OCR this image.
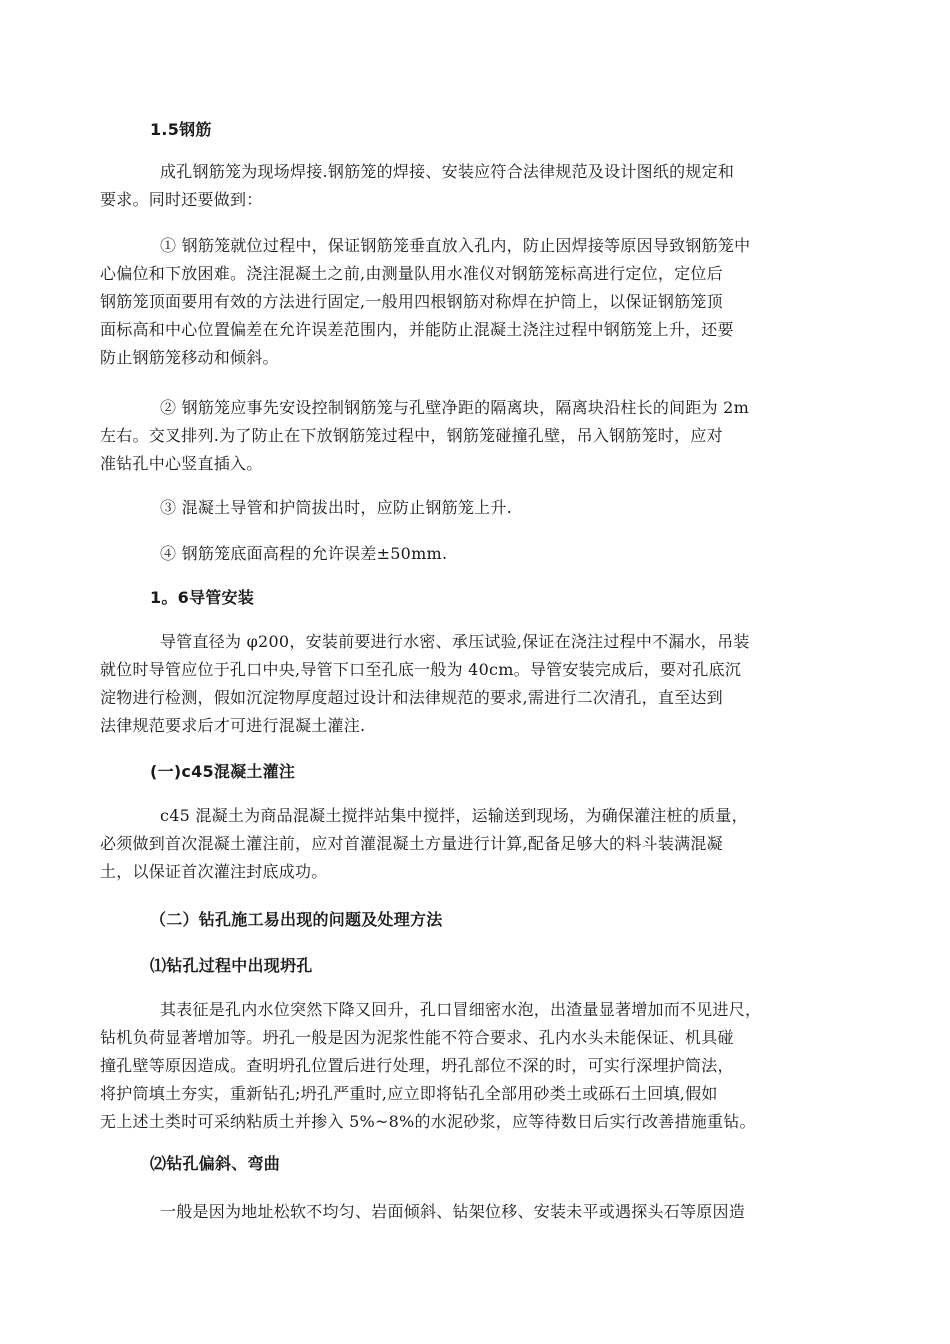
1.5钢筋
成孔钢筋笼为现场焊接.钢筋笼的焊接、安装应符合法律规范及设计图纸的规定和
要求。同时还要做到：
① 钢筋笼就位过程中，保证钢筋笼垂直放入孔内，防止因焊接等原因导致钢筋笼中
心偏位和下放困难。浇注混凝土之前,由测量队用水准仪对钢筋笼标高进行定位，定位后
钢筋笼顶面要用有效的方法进行固定,一般用四根钢筋对称焊在护筒上，以保证钢筋笼顶
面标高和中心位置偏差在允许误差范围内，并能防止混凝土浇注过程中钢筋笼上升，还要
防止钢筋笼移动和倾斜。
② 钢筋笼应事先安设控制钢筋笼与孔壁净距的隔离块，隔离块沿柱长的间距为 2m
左右。交叉排列.为了防止在下放钢筋笼过程中，钢筋笼碰撞孔壁，吊入钢筋笼时，应对
准钻孔中心竖直插入。
③ 混凝土导管和护筒拔出时，应防止钢筋笼上升.
④ 钢筋笼底面高程的允许误差±50mm.
1。6导管安装
导管直径为 φ200，安装前要进行水密、承压试验,保证在浇注过程中不漏水，吊装
就位时导管应位于孔口中央,导管下口至孔底一般为 40cm。导管安装完成后，要对孔底沉
淀物进行检测，假如沉淀物厚度超过设计和法律规范的要求,需进行二次清孔，直至达到
法律规范要求后才可进行混凝土灌注.
(一)c45混凝土灌注
c45 混凝土为商品混凝土搅拌站集中搅拌，运输送到现场，为确保灌注桩的质量，
必须做到首次混凝土灌注前，应对首灌混凝土方量进行计算,配备足够大的料斗装满混凝
土，以保证首次灌注封底成功。
（二）钻孔施工易出现的问题及处理方法
⑴钻孔过程中出现坍孔
其表征是孔内水位突然下降又回升，孔口冒细密水泡，出渣量显著增加而不见进尺，
钻机负荷显著增加等。坍孔一般是因为泥浆性能不符合要求、孔内水头未能保证、机具碰
撞孔壁等原因造成。查明坍孔位置后进行处理，坍孔部位不深的时，可实行深埋护筒法，
将护筒填土夯实，重新钻孔;坍孔严重时,应立即将钻孔全部用砂类土或砾石土回填,假如
无上述土类时可采纳粘质土并掺入 5%~8%的水泥砂浆，应等待数日后实行改善措施重钻。
⑵钻孔偏斜、弯曲
一般是因为地址松软不均匀、岩面倾斜、钻架位移、安装未平或遇探头石等原因造
